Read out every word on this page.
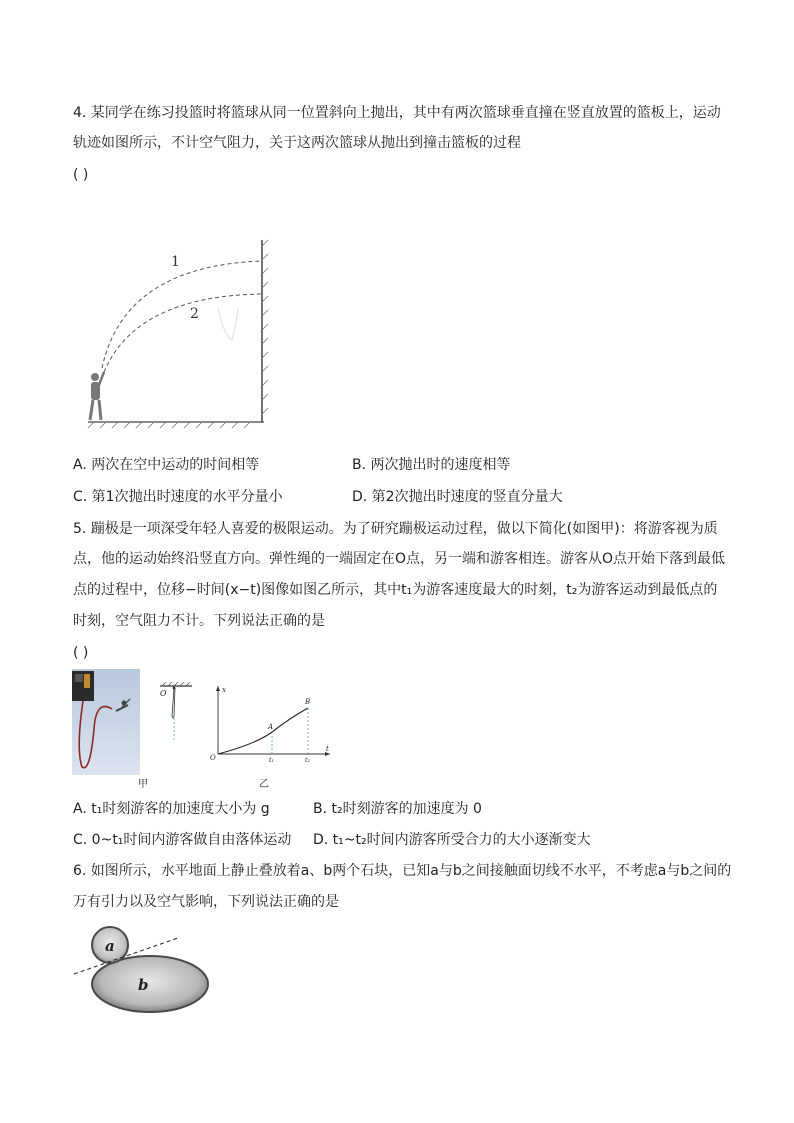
4. 某同学在练习投篮时将篮球从同一位置斜向上抛出，其中有两次篮球垂直撞在竖直放置的篮板上，运动
轨迹如图所示，不计空气阻力，关于这两次篮球从抛出到撞击篮板的过程
( )
1
2
A. 两次在空中运动的时间相等	B. 两次抛出时的速度相等
C. 第1次抛出时速度的水平分量小	D. 第2次抛出时速度的竖直分量大
5. 蹦极是一项深受年轻人喜爱的极限运动。为了研究蹦极运动过程，做以下简化(如图甲)：将游客视为质
点，他的运动始终沿竖直方向。弹性绳的一端固定在O点，另一端和游客相连。游客从O点开始下落到最低
点的过程中，位移−时间(x−t)图像如图乙所示，其中t₁为游客速度最大的时刻，t₂为游客运动到最低点的
时刻，空气阻力不计。下列说法正确的是
( )
甲
O	x
t
O
A
B
t₁	t₂
乙
A. t₁时刻游客的加速度大小为 g	B. t₂时刻游客的加速度为 0
C. 0~t₁时间内游客做自由落体运动 D. t₁~t₂时间内游客所受合力的大小逐渐变大
6. 如图所示，水平地面上静止叠放着a、b两个石块，已知a与b之间接触面切线不水平，不考虑a与b之间的
万有引力以及空气影响，下列说法正确的是
a
b
